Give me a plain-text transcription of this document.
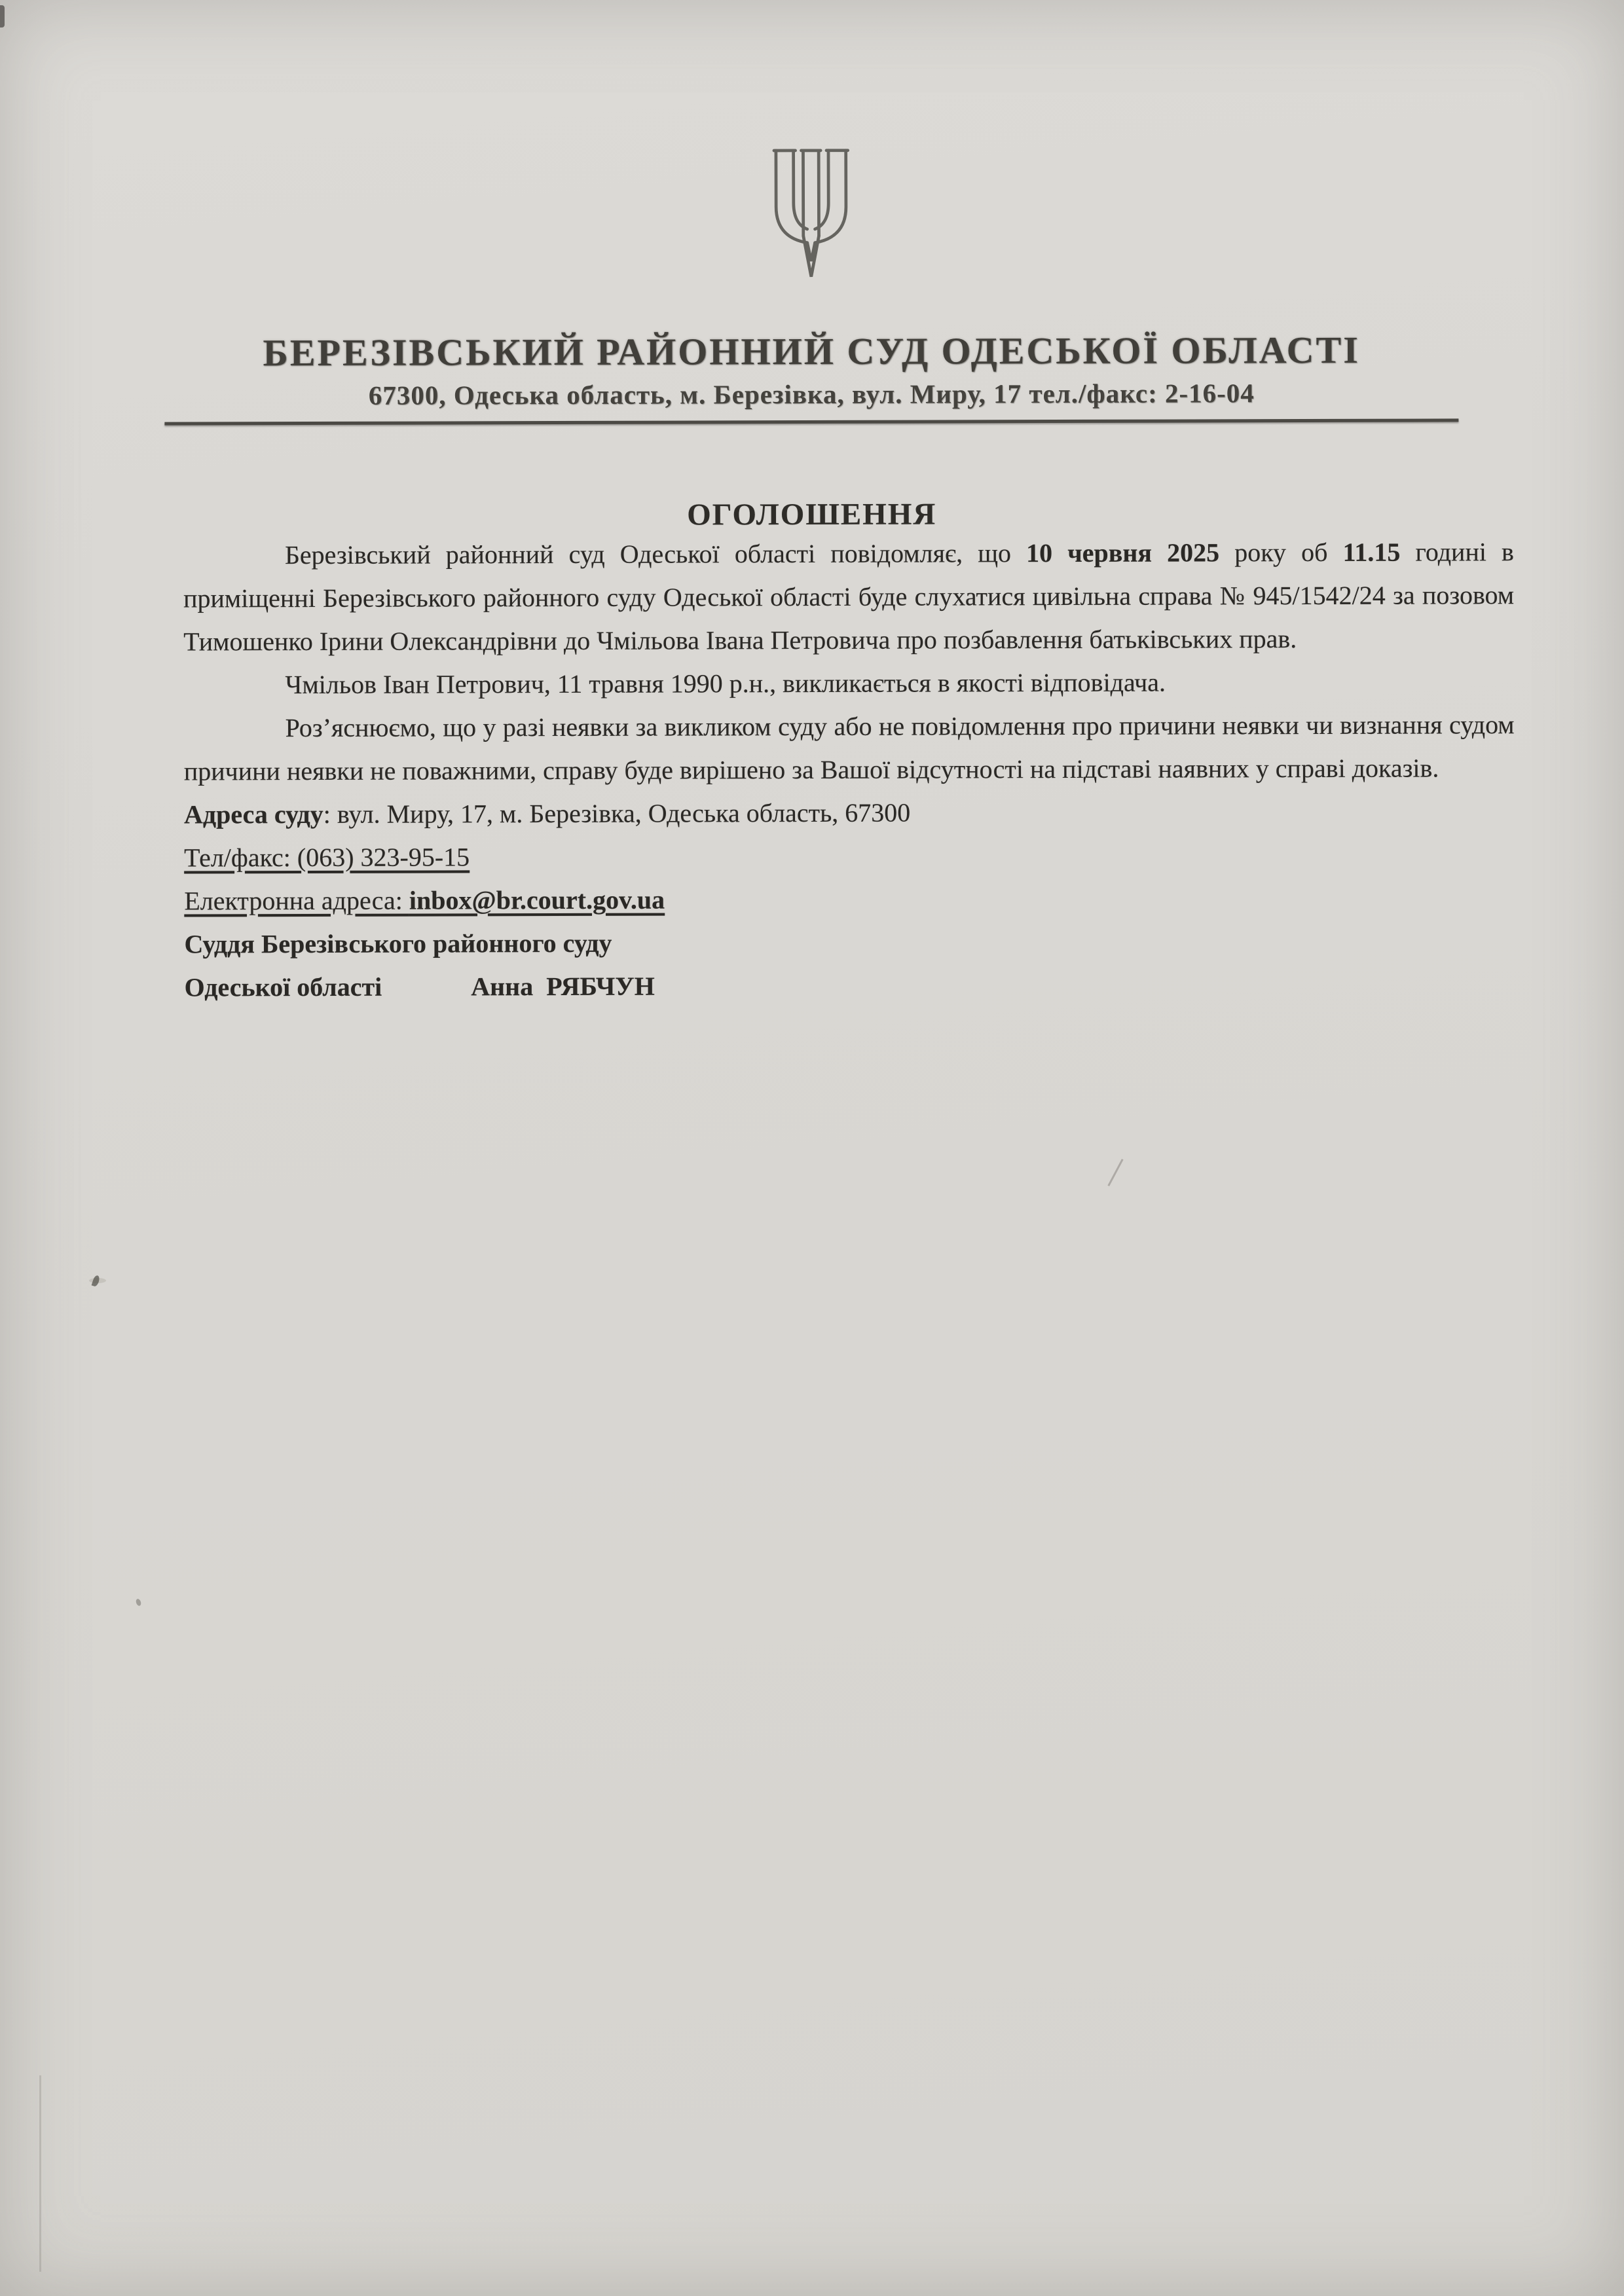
БЕРЕЗІВСЬКИЙ РАЙОННИЙ СУД ОДЕСЬКОЇ ОБЛАСТІ
67300, Одеська область, м. Березівка, вул. Миру, 17 тел./факс: 2-16-04
ОГОЛОШЕННЯ

Березівський районний суд Одеської області повідомляє, що 10 червня 2025 року об 11.15 годині в приміщенні Березівського районного суду Одеської області буде слухатися цивільна справа № 945/1542/24 за позовом Тимошенко Ірини Олександрівни до Чмільова Івана Петровича про позбавлення батьківських прав.

Чмільов Іван Петрович, 11 травня 1990 р.н., викликається в якості відповідача.

Роз’яснюємо, що у разі неявки за викликом суду або не повідомлення про причини неявки чи визнання судом причини неявки не поважними, справу буде вирішено за Вашої відсутності на підставі наявних у справі доказів.

Адреса суду: вул. Миру, 17, м. Березівка, Одеська область, 67300

Тел/факс: (063) 323-95-15

Електронна адреса: inbox@br.court.gov.ua

Суддя Березівського районного суду

Одеської області	Анна  РЯБЧУН
